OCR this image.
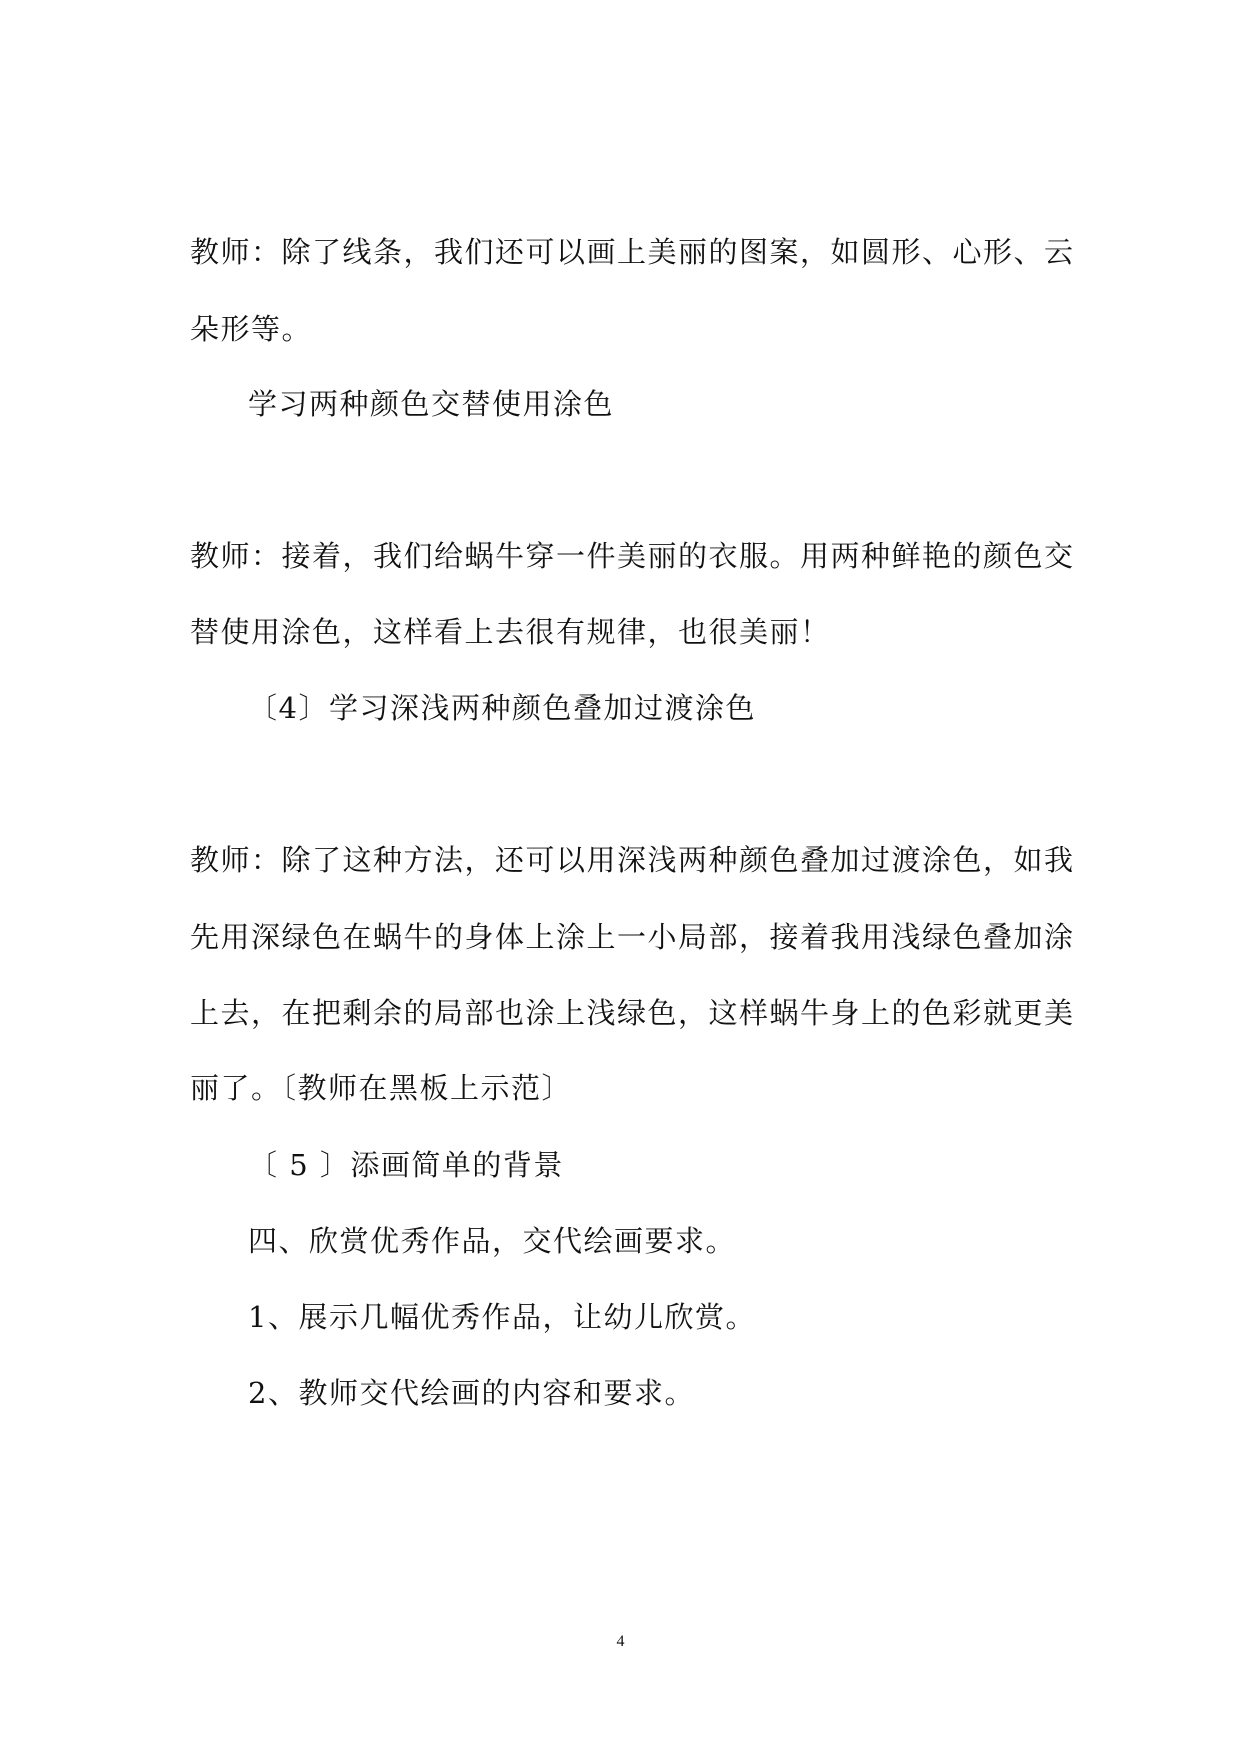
教师：除了线条，我们还可以画上美丽的图案，如圆形、心形、云
朵形等。
学习两种颜色交替使用涂色
教师：接着，我们给蜗牛穿一件美丽的衣服。用两种鲜艳的颜色交
替使用涂色，这样看上去很有规律，也很美丽！
〔4〕学习深浅两种颜色叠加过渡涂色
教师：除了这种方法，还可以用深浅两种颜色叠加过渡涂色，如我
先用深绿色在蜗牛的身体上涂上一小局部，接着我用浅绿色叠加涂
上去，在把剩余的局部也涂上浅绿色，这样蜗牛身上的色彩就更美
丽了。〔教师在黑板上示范〕
〔 5 〕添画简单的背景
四、欣赏优秀作品，交代绘画要求。
1、展示几幅优秀作品，让幼儿欣赏。
2、教师交代绘画的内容和要求。
4
